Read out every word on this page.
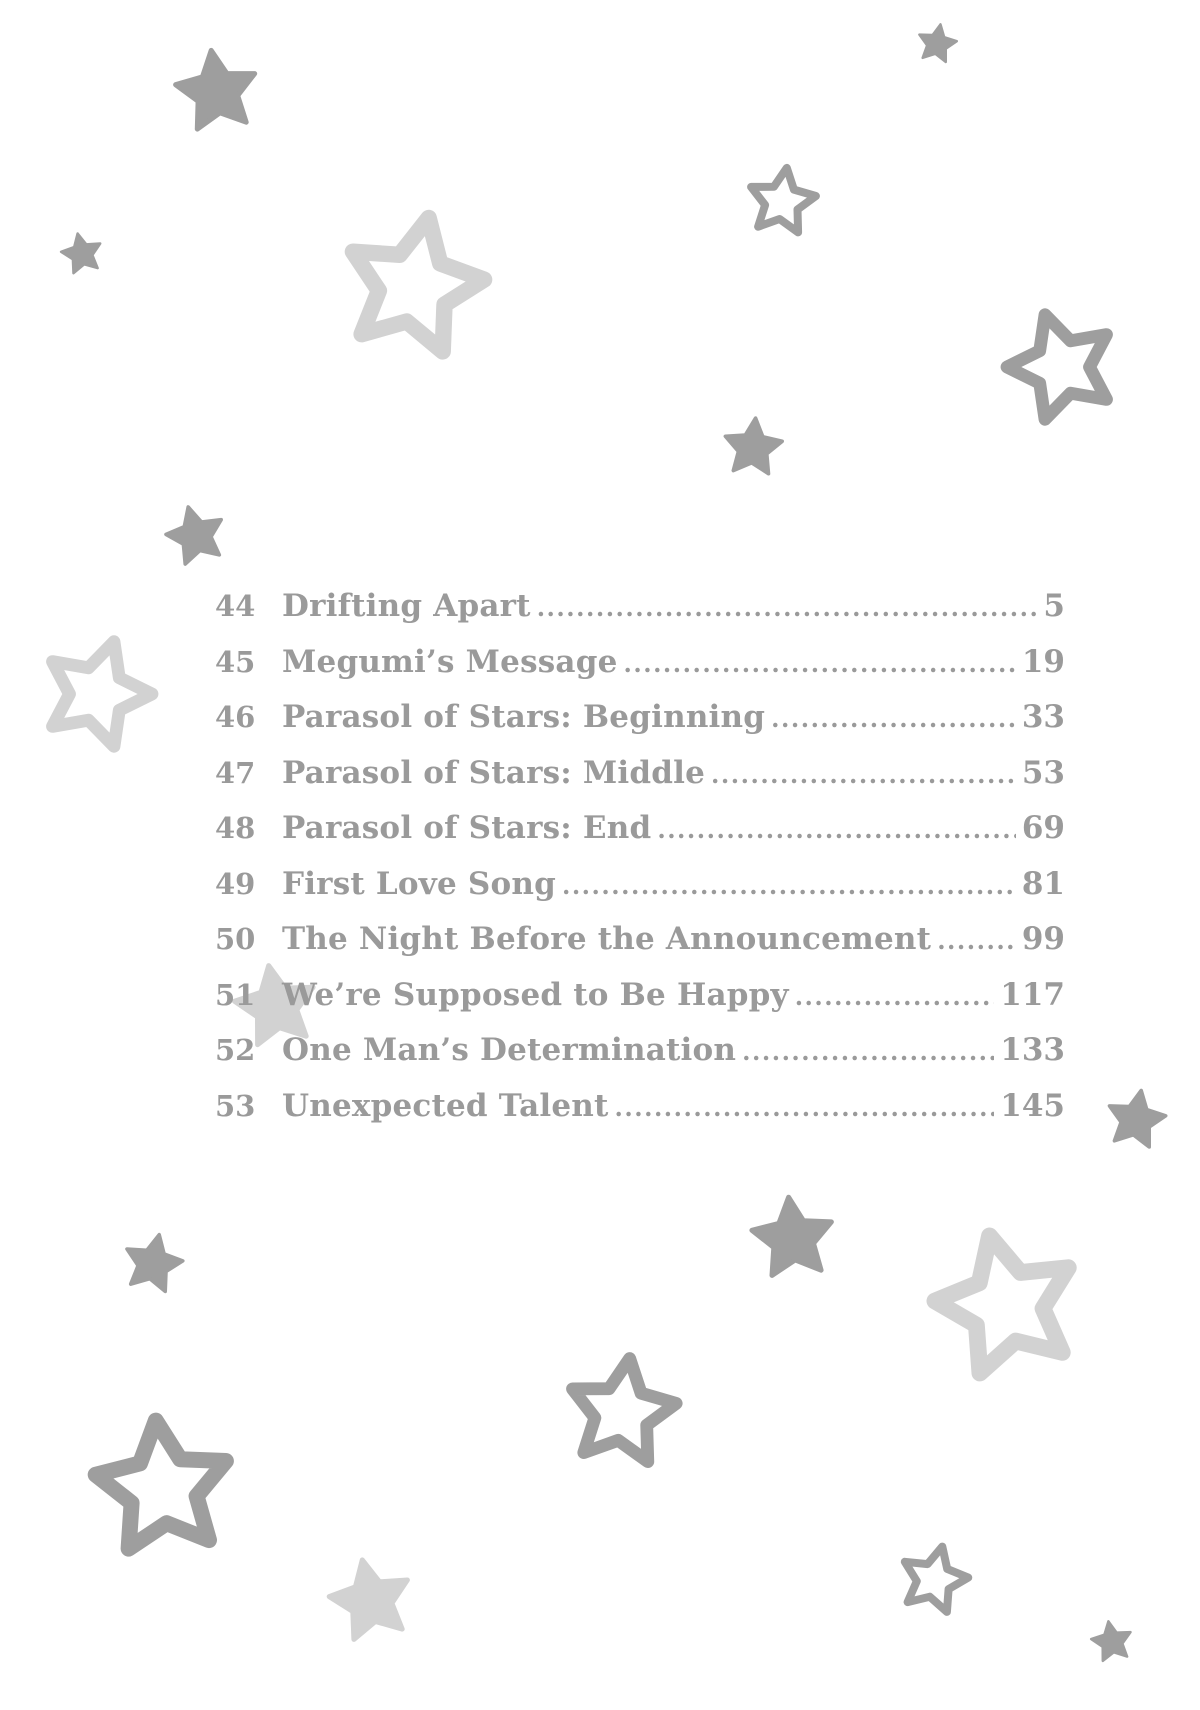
44 Drifting Apart .....	5
45 Megumi’s Message .....	19
46 Parasol of Stars: Beginning .....	33
47 Parasol of Stars: Middle .....	53
48 Parasol of Stars: End .....	69
49 First Love Song .....	81
50 The Night Before the Announcement .....	99
51 We’re Supposed to Be Happy .....	117
52 One Man’s Determination .....	133
53 Unexpected Talent .....	145
